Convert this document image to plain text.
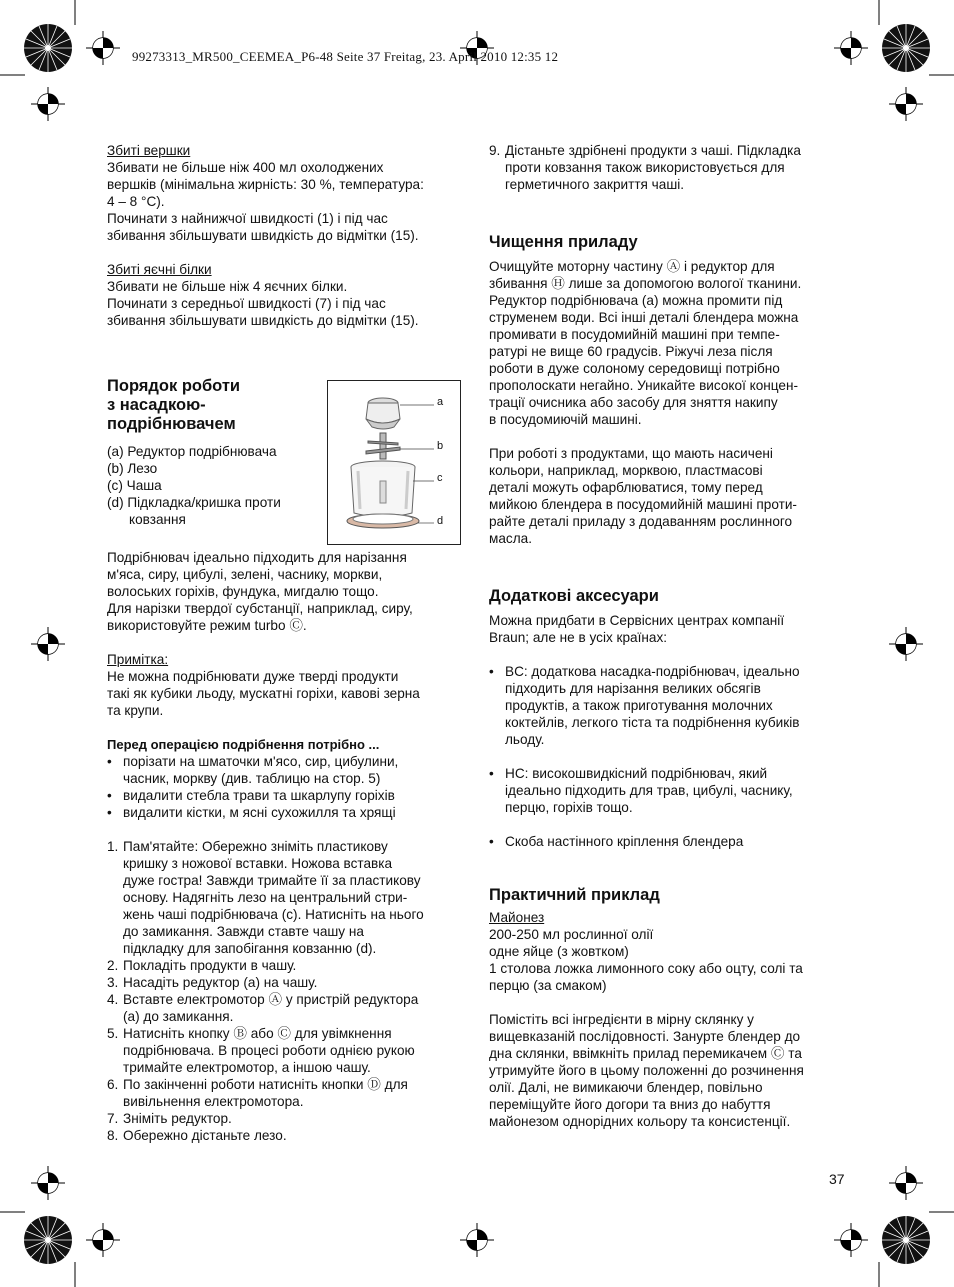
99273313_MR500_CEEMEA_P6-48 Seite 37 Freitag, 23. April 2010 12:35 12

Збиті вершки

Збивати не більше ніж 400 мл охолоджених

вершків (мінімальна жирність: 30 %, температура:

4 – 8 °C).

Починати з найнижчої швидкості (1) і під час

збивання збільшувати швидкість до відмітки (15).

Збиті яєчні білки

Збивати не більше ніж 4 яєчних білки.

Починати з середньої швидкості (7) і під час

збивання збільшувати швидкість до відмітки (15).

Порядок роботи

з насадкою-

подрібнювачем

(a) Редуктор подрібнювача

(b) Лезо

(c) Чаша

(d) Підкладка/кришка проти

ковзання

a
b
c
d

Подрібнювач ідеально підходить для нарізання

м'яса, сиру, цибулі, зелені, часнику, моркви,

волоських горіхів, фундука, мигдалю тощо.

Для нарізки твердої субстанції, наприклад, сиру,

використовуйте режим turbo Ⓒ.

Примітка:

Не можна подрібнювати дуже тверді продукти

такі як кубики льоду, мускатні горіхи, кавові зерна

та крупи.

Перед операцією подрібнення потрібно ...

• порізати на шматочки м'ясо, сир, цибулини,

часник, моркву (див. таблицю на стор. 5)

• видалити стебла трави та шкарлупу горіхів

• видалити кістки, м ясні сухожилля та хрящі

1. Пам'ятайте: Обережно зніміть пластикову

кришку з ножової вставки. Ножова вставка

дуже гостра! Завжди тримайте її за пластикову

основу. Надягніть лезо на центральний стри-

жень чаші подрібнювача (c). Натисніть на нього

до замикання. Завжди ставте чашу на

підкладку для запобігання ковзанню (d).

2. Покладіть продукти в чашу.

3. Насадіть редуктор (a) на чашу.

4. Вставте електромотор Ⓐ у пристрій редуктора

(a) до замикання.

5. Натисніть кнопку Ⓑ або Ⓒ для увімкнення

подрібнювача. В процесі роботи однією рукою

тримайте електромотор, а іншою чашу.

6. По закінченні роботи натисніть кнопки Ⓓ для

вивільнення електромотора.

7. Зніміть редуктор.

8. Обережно дістаньте лезо.

9. Дістаньте здрібнені продукти з чаші. Підкладка

проти ковзання також використовується для

герметичного закриття чаші.

Чищення приладу

Очищуйте моторну частину Ⓐ і редуктор для

збивання Ⓗ лише за допомогою вологої тканини.

Редуктор подрібнювача (a) можна промити під

струменем води. Всі інші деталі блендера можна

промивати в посудомийній машині при темпе-

ратурі не вище 60 градусів. Ріжучі леза після

роботи в дуже солоному середовищі потрібно

прополоскати негайно. Уникайте високої концен-

трації очисника або засобу для зняття накипу

в посудомиючій машині.

При роботі з продуктами, що мають насичені

кольори, наприклад, морквою, пластмасові

деталі можуть офарблюватися, тому перед

мийкою блендера в посудомийній машині проти-

райте деталі приладу з додаванням рослинного

масла.

Додаткові аксесуари

Можна придбати в Сервісних центрах компанії

Braun; але не в усіх країнах:

• BC: додаткова насадка-подрібнювач, ідеально

підходить для нарізання великих обсягів

продуктів, а також приготування молочних

коктейлів, легкого тіста та подрібнення кубиків

льоду.

• HC: високошвидкісний подрібнювач, який

ідеально підходить для трав, цибулі, часнику,

перцю, горіхів тощо.

• Скоба настінного кріплення блендера

Практичний приклад

Майонез

200-250 мл рослинної олії

одне яйце (з жовтком)

1 столова ложка лимонного соку або оцту, солі та

перцю (за смаком)

Помістіть всі інгредієнти в мірну склянку у

вищевказаній послідовності. Занурте блендер до

дна склянки, ввімкніть прилад перемикачем Ⓒ та

утримуйте його в цьому положенні до розчинення

олії. Далі, не вимикаючи блендер, повільно

переміщуйте його догори та вниз до набуття

майонезом однорідних кольору та консистенції.

37
